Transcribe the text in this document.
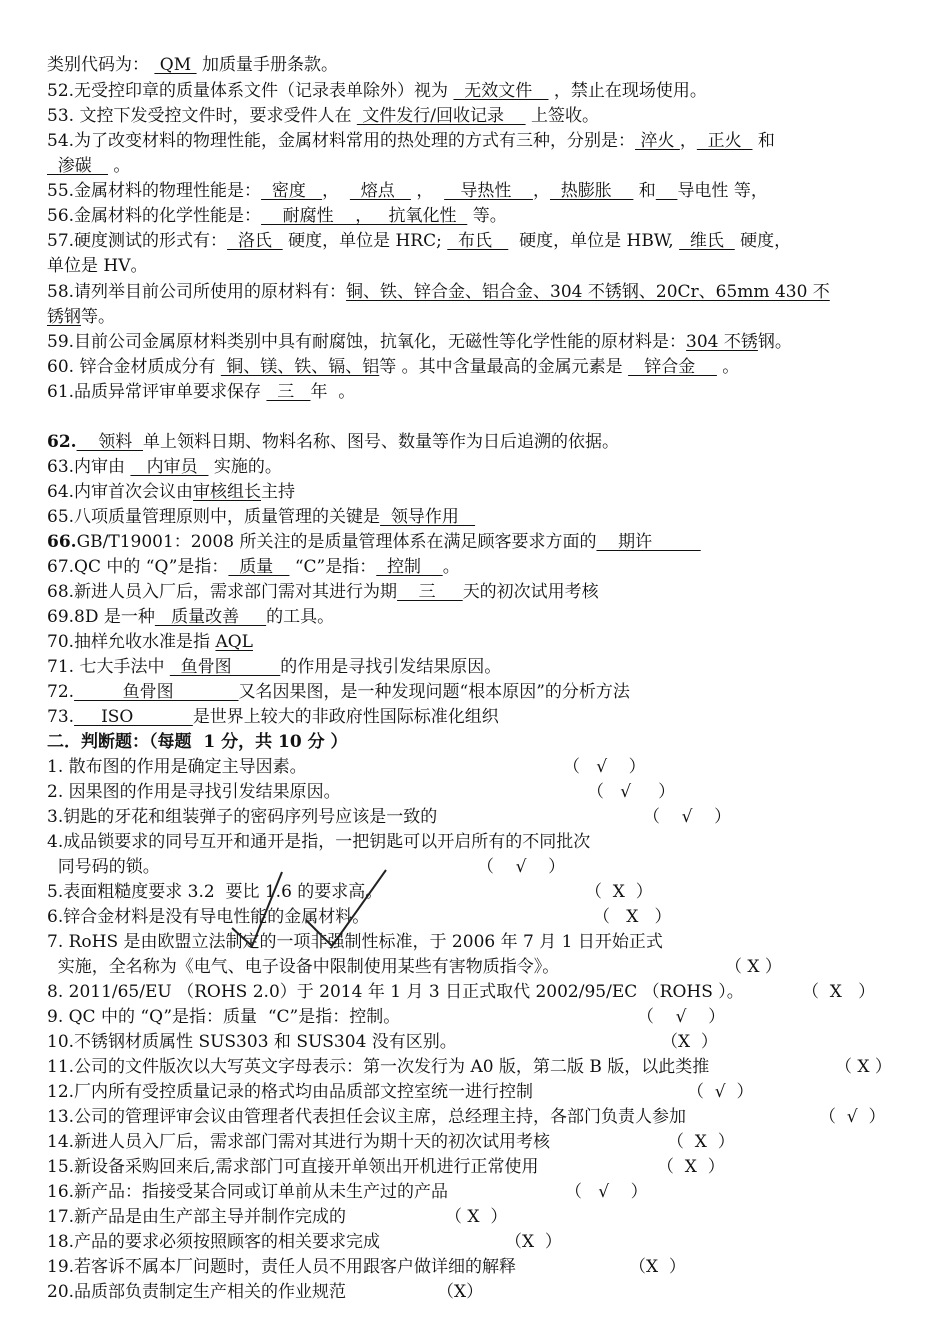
类别代码为：  QM  加质量手册条款。
52.无受控印章的质量体系文件（记录表单除外）视为   无效文件    ，禁止在现场使用。
53. 文控下发受控文件时，要求受件人在  文件发行/回收记录     上签收。
54.为了改变材料的物理性能，金属材料常用的热处理的方式有三种，分别是： 淬火 ，  正火   和
渗碳    。
55.金属材料的物理性能是：  密度   ，    熔点    ，     导热性    ，  热膨胀     和 导电性 等，
56.金属材料的化学性能是：    耐腐性    ，   抗氧化性   等。
57.硬度测试的形式有：  洛氏   硬度，单位是 HRC;   布氏     硬度，单位是 HBW,   维氏   硬度，
单位是 HV。
58.请列举目前公司所使用的原材料有：铜、铁、锌合金、铝合金、304 不锈钢、20Cr、65mm 430 不
锈钢等。
59.目前公司金属原材料类别中具有耐腐蚀，抗氧化，无磁性等化学性能的原材料是：304 不锈钢。
60. 锌合金材质成分有  铜、镁、铁、镉、铝等 。其中含量最高的金属元素是    锌合金     。
61.品质异常评审单要求保存   三   年  。
62.    领料  单上领料日期、物料名称、图号、数量等作为日后追溯的依据。
63.内审由    内审员   实施的。
64.内审首次会议由审核组长主持
65.八项质量管理原则中，质量管理的关键是  领导作用
66.GB/T19001：2008 所关注的是质量管理体系在满足顾客要求方面的    期许
67.QC 中的 “Q”是指：  质量    “C”是指：  控制    。
68.新进人员入厂后，需求部门需对其进行为期    三     天的初次试用考核
69.8D 是一种   质量改善     的工具。
70.抽样允收水准是指 AQL
71. 七大手法中   鱼骨图         的作用是寻找引发结果原因。
72.         鱼骨图            又名因果图，是一种发现问题“根本原因”的分析方法
73.     ISO           是世界上较大的非政府性国际标准化组织
二．判断题：（每题  1 分，共 10 分 ）
1. 散布图的作用是确定主导因素。	（   √    ）
2. 因果图的作用是寻找引发结果原因。	（   √     ）
3.钥匙的牙花和组装弹子的密码序列号应该是一致的	（    √    ）
4.成品锁要求的同号互开和通开是指，一把钥匙可以开启所有的不同批次
同号码的锁。	（    √    ）
5.表面粗糙度要求 3.2  要比 1.6 的要求高。	（  X  ）
6.锌合金材料是没有导电性能的金属材料。	（   X   ）
7. RoHS 是由欧盟立法制定的一项非强制性标准，于 2006 年 7 月 1 日开始正式
实施，全名称为《电气、电子设备中限制使用某些有害物质指令》。	（ X ）
8. 2011/65/EU （ROHS 2.0）于 2014 年 1 月 3 日正式取代 2002/95/EC （ROHS ）。	（  X   ）
9. QC 中的 “Q”是指：质量  “C”是指：控制。	（    √    ）
10.不锈钢材质属性 SUS303 和 SUS304 没有区别。	（X  ）
11.公司的文件版次以大写英文字母表示：第一次发行为 A0 版，第二版 B 版，以此类推	（ X ）
12.厂内所有受控质量记录的格式均由品质部文控室统一进行控制	（  √  ）
13.公司的管理评审会议由管理者代表担任会议主席，总经理主持，各部门负责人参加	（  √  ）
14.新进人员入厂后，需求部门需对其进行为期十天的初次试用考核	（  X  ）
15.新设备采购回来后,需求部门可直接开单领出开机进行正常使用	（  X  ）
16.新产品：指接受某合同或订单前从未生产过的产品	（   √    ）
17.新产品是由生产部主导并制作完成的	（ X  ）
18.产品的要求必须按照顾客的相关要求完成	（X  ）
19.若客诉不属本厂问题时，责任人员不用跟客户做详细的解释	（X  ）
20.品质部负责制定生产相关的作业规范	（X）
